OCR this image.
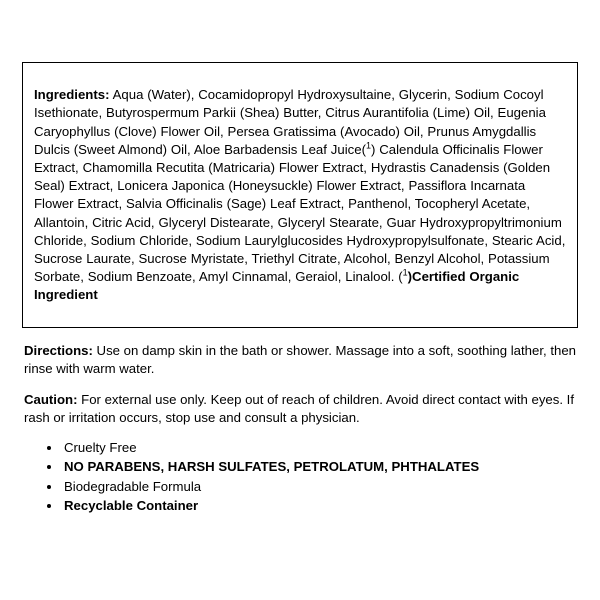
Ingredients: Aqua (Water), Cocamidopropyl Hydroxysultaine, Glycerin, Sodium Cocoyl Isethionate, Butyrospermum Parkii (Shea) Butter, Citrus Aurantifolia (Lime) Oil, Eugenia Caryophyllus (Clove) Flower Oil, Persea Gratissima (Avocado) Oil, Prunus Amygdallis Dulcis (Sweet Almond) Oil, Aloe Barbadensis Leaf Juice($^1$) Calendula Officinalis Flower Extract, Chamomilla Recutita (Matricaria) Flower Extract, Hydrastis Canadensis (Golden Seal) Extract, Lonicera Japonica (Honeysuckle) Flower Extract, Passiflora Incarnata Flower Extract, Salvia Officinalis (Sage) Leaf Extract, Panthenol, Tocopheryl Acetate, Allantoin, Citric Acid, Glyceryl Distearate, Glyceryl Stearate, Guar Hydroxypropyltrimonium Chloride, Sodium Chloride, Sodium Laurylglucosides Hydroxypropylsulfonate, Stearic Acid, Sucrose Laurate, Sucrose Myristate, Triethyl Citrate, Alcohol, Benzyl Alcohol, Potassium Sorbate, Sodium Benzoate, Amyl Cinnamal, Geraiol, Linalool. ($^1$)Certified Organic Ingredient

Directions: Use on damp skin in the bath or shower. Massage into a soft, soothing lather, then rinse with warm water.

Caution: For external use only. Keep out of reach of children. Avoid direct contact with eyes. If rash or irritation occurs, stop use and consult a physician.

• Cruelty Free
• NO PARABENS, HARSH SULFATES, PETROLATUM, PHTHALATES
• Biodegradable Formula
• Recyclable Container
